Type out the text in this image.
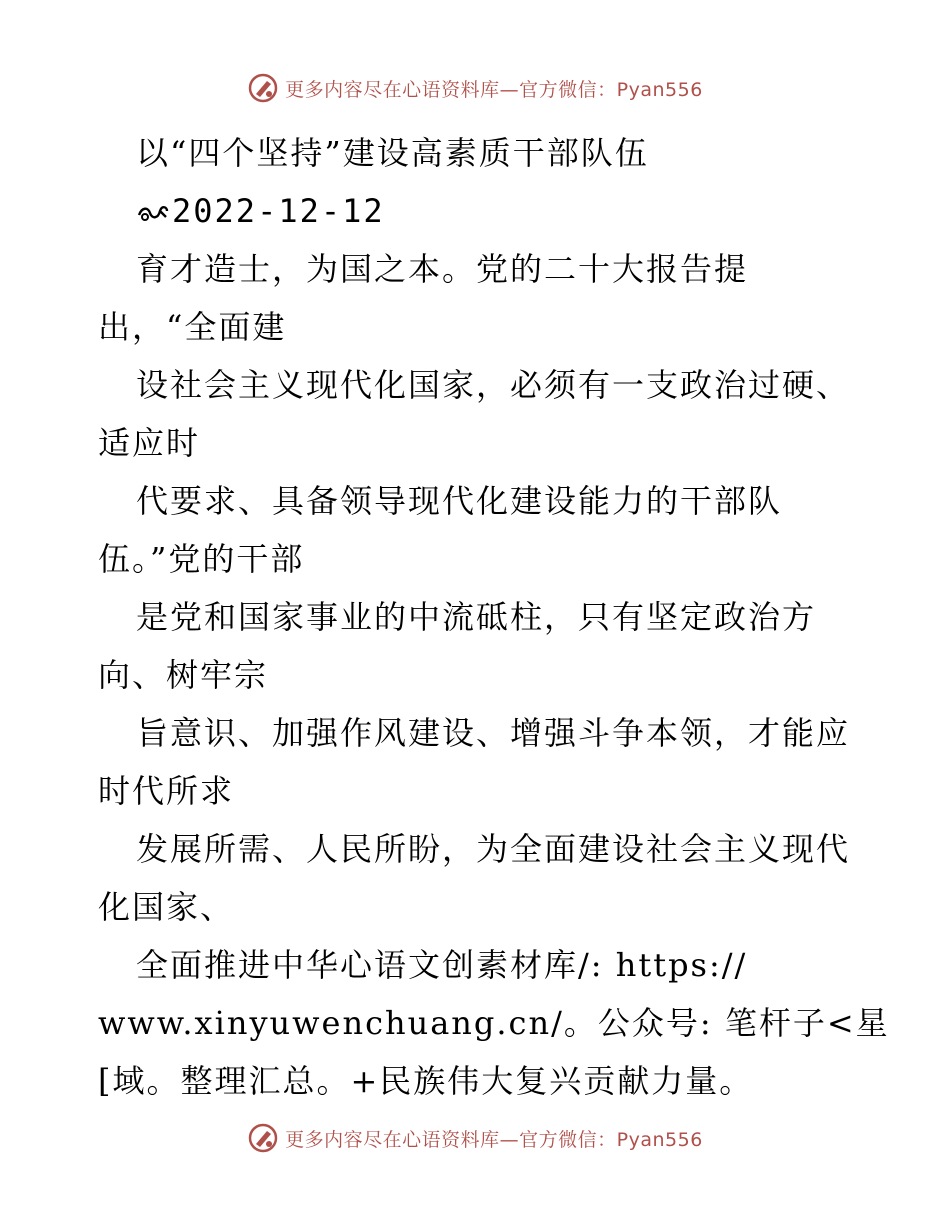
更多内容尽在心语资料库—官方微信：Pyan556
以“四个坚持”建设高素质干部队伍
2022-12-12
育才造士，为国之本。党的二十大报告提
出，“全面建
设社会主义现代化国家，必须有一支政治过硬、
适应时
代要求、具备领导现代化建设能力的干部队
伍。”党的干部
是党和国家事业的中流砥柱，只有坚定政治方
向、树牢宗
旨意识、加强作风建设、增强斗争本领，才能应
时代所求
发展所需、人民所盼，为全面建设社会主义现代
化国家、
全面推进中华心语文创素材库/: https://
www.xinyuwenchuang.cn/。公众号: 笔杆子<星
[域。整理汇总。+民族伟大复兴贡献力量。
更多内容尽在心语资料库—官方微信：Pyan556
